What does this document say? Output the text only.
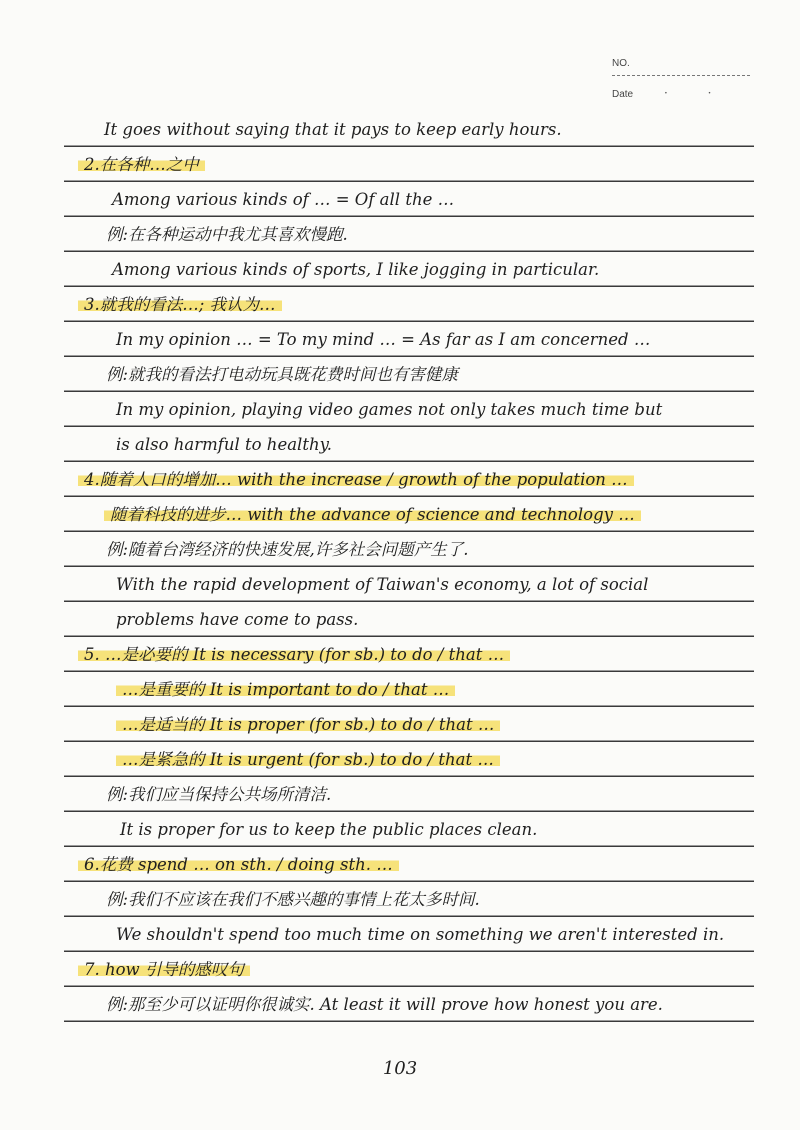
NO.
Date	· ·
It goes without saying that it pays to keep early hours.
2.在各种…之中
Among various kinds of … = Of all the …
例:在各种运动中我尤其喜欢慢跑.
Among various kinds of sports, I like jogging in particular.
3.就我的看法…; 我认为…
In my opinion … = To my mind … = As far as I am concerned …
例:就我的看法打电动玩具既花费时间也有害健康
In my opinion, playing video games not only takes much time but
is also harmful to healthy.
4.随着人口的增加… with the increase / growth of the population …
随着科技的进步… with the advance of science and technology …
例:随着台湾经济的快速发展,许多社会问题产生了.
With the rapid development of Taiwan's economy, a lot of social
problems have come to pass.
5. …是必要的 It is necessary (for sb.) to do / that …
…是重要的 It is important to do / that …
…是适当的 It is proper (for sb.) to do / that …
…是紧急的 It is urgent (for sb.) to do / that …
例:我们应当保持公共场所清洁.
It is proper for us to keep the public places clean.
6.花费 spend … on sth. / doing sth. …
例:我们不应该在我们不感兴趣的事情上花太多时间.
We shouldn't spend too much time on something we aren't interested in.
7. how 引导的感叹句
例:那至少可以证明你很诚实. At least it will prove how honest you are.
103
